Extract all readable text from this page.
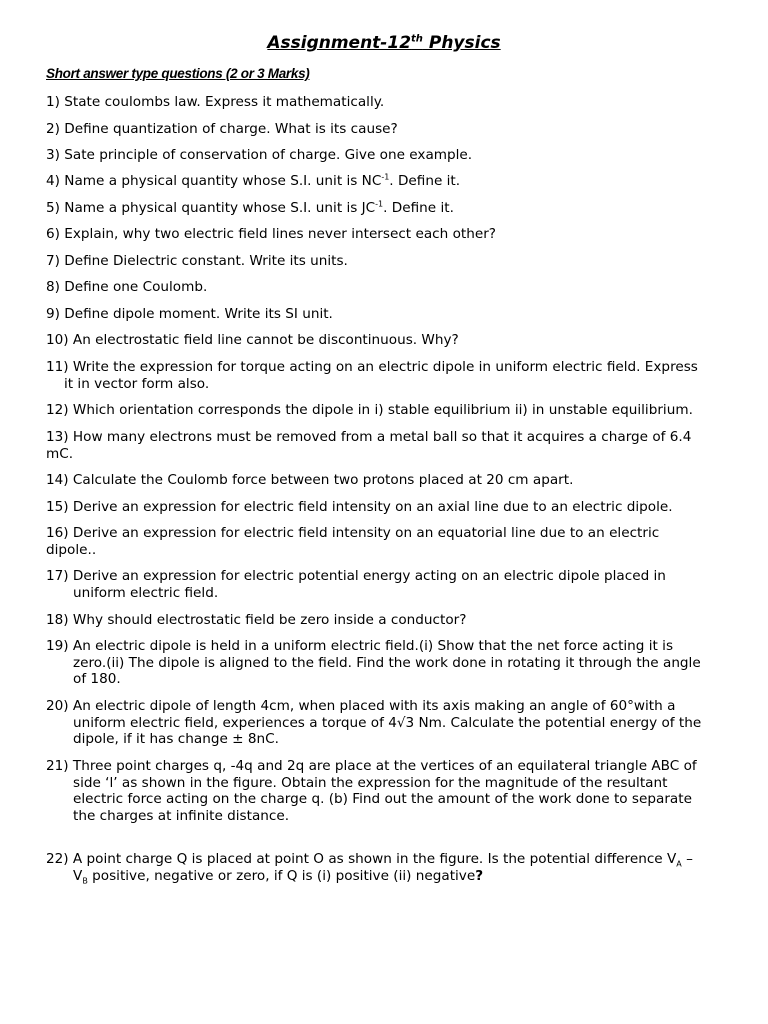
Assignment-12th Physics
Short answer type questions (2 or 3 Marks)
1) State coulombs law. Express it mathematically.
2) Define quantization of charge. What is its cause?
3) Sate principle of conservation of charge. Give one example.
4) Name a physical quantity whose S.I. unit is $NC^{-1}$. Define it.
5) Name a physical quantity whose S.I. unit is $JC^{-1}$. Define it.
6) Explain, why two electric field lines never intersect each other?
7) Define Dielectric constant. Write its units.
8) Define one Coulomb.
9) Define dipole moment. Write its SI unit.
10) An electrostatic field line cannot be discontinuous. Why?
11) Write the expression for torque acting on an electric dipole in uniform electric field. Express
it in vector form also.
12) Which orientation corresponds the dipole in i) stable equilibrium ii) in unstable equilibrium.
13) How many electrons must be removed from a metal ball so that it acquires a charge of 6.4
mC.
14) Calculate the Coulomb force between two protons placed at 20 cm apart.
15) Derive an expression for electric field intensity on an axial line due to an electric dipole.
16) Derive an expression for electric field intensity on an equatorial line due to an electric
dipole..
17) Derive an expression for electric potential energy acting on an electric dipole placed in
uniform electric field.
18) Why should electrostatic field be zero inside a conductor?
19) An electric dipole is held in a uniform electric field.(i) Show that the net force acting it is
zero.(ii) The dipole is aligned to the field. Find the work done in rotating it through the angle
of 180.
20) An electric dipole of length 4cm, when placed with its axis making an angle of 60°with a
uniform electric field, experiences a torque of 4√3 Nm. Calculate the potential energy of the
dipole, if it has change ± 8nC.
21) Three point charges q, -4q and 2q are place at the vertices of an equilateral triangle ABC of
side ‘l’ as shown in the figure. Obtain the expression for the magnitude of the resultant
electric force acting on the charge q. (b) Find out the amount of the work done to separate
the charges at infinite distance.
22) A point charge Q is placed at point O as shown in the figure. Is the potential difference $V_A$ –
$V_B$ positive, negative or zero, if Q is (i) positive (ii) negative?
